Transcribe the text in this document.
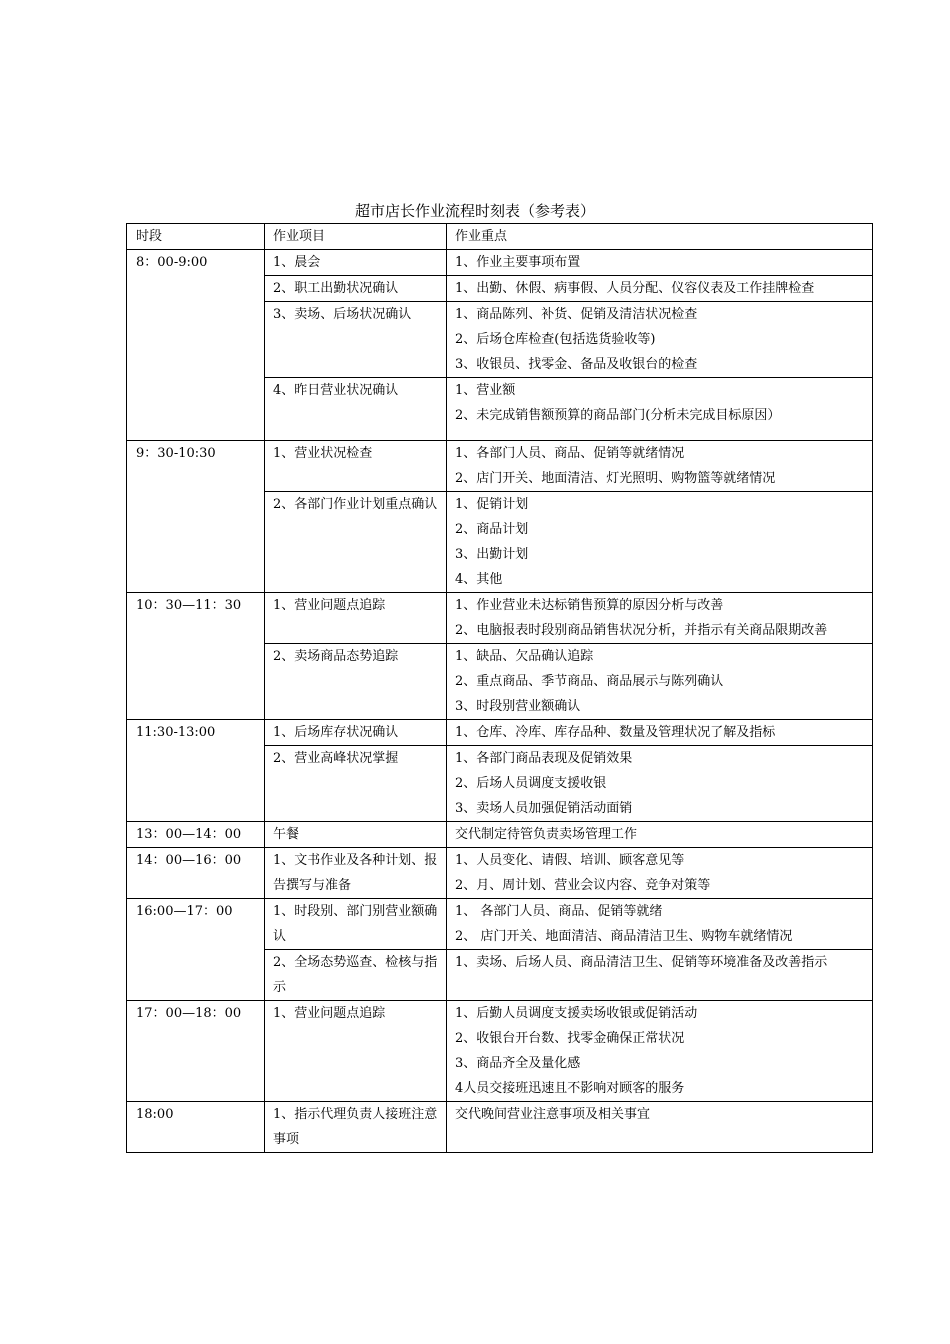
超市店长作业流程时刻表（参考表）
时段	作业项目	作业重点

8：00-9:00	1、晨会	1、作业主要事项布置

	2、职工出勤状况确认	1、出勤、休假、病事假、人员分配、仪容仪表及工作挂牌检查

	3、卖场、后场状况确认	1、商品陈列、补货、促销及清洁状况检查
2、后场仓库检查(包括选货验收等)
3、收银员、找零金、备品及收银台的检查

	4、昨日营业状况确认	1、营业额
2、未完成销售额预算的商品部门(分析未完成目标原因）

9：30-10:30	1、营业状况检查	1、各部门人员、商品、促销等就绪情况
2、店门开关、地面清洁、灯光照明、购物篮等就绪情况

	2、各部门作业计划重点确认	1、促销计划
2、商品计划
3、出勤计划
4、其他

10：30—11：30	1、营业问题点追踪	1、作业营业未达标销售预算的原因分析与改善
2、电脑报表时段别商品销售状况分析，并指示有关商品限期改善

	2、卖场商品态势追踪	1、缺品、欠品确认追踪
2、重点商品、季节商品、商品展示与陈列确认
3、时段别营业额确认

11:30-13:00	1、后场库存状况确认	1、仓库、冷库、库存品种、数量及管理状况了解及指标

	2、营业高峰状况掌握	1、各部门商品表现及促销效果
2、后场人员调度支援收银
3、卖场人员加强促销活动面销

13：00—14：00	午餐	交代制定待管负责卖场管理工作

14：00—16：00	1、文书作业及各种计划、报告撰写与准备	1、人员变化、请假、培训、顾客意见等
2、月、周计划、营业会议内容、竞争对策等

16:00—17：00	1、时段别、部门别营业额确认	1、 各部门人员、商品、促销等就绪
2、 店门开关、地面清洁、商品清洁卫生、购物车就绪情况

	2、全场态势巡查、检核与指示	1、卖场、后场人员、商品清洁卫生、促销等环境准备及改善指示

17：00—18：00	1、营业问题点追踪	1、后勤人员调度支援卖场收银或促销活动
2、收银台开台数、找零金确保正常状况
3、商品齐全及量化感
4人员交接班迅速且不影响对顾客的服务

18:00	1、指示代理负责人接班注意事项	交代晚间营业注意事项及相关事宜
